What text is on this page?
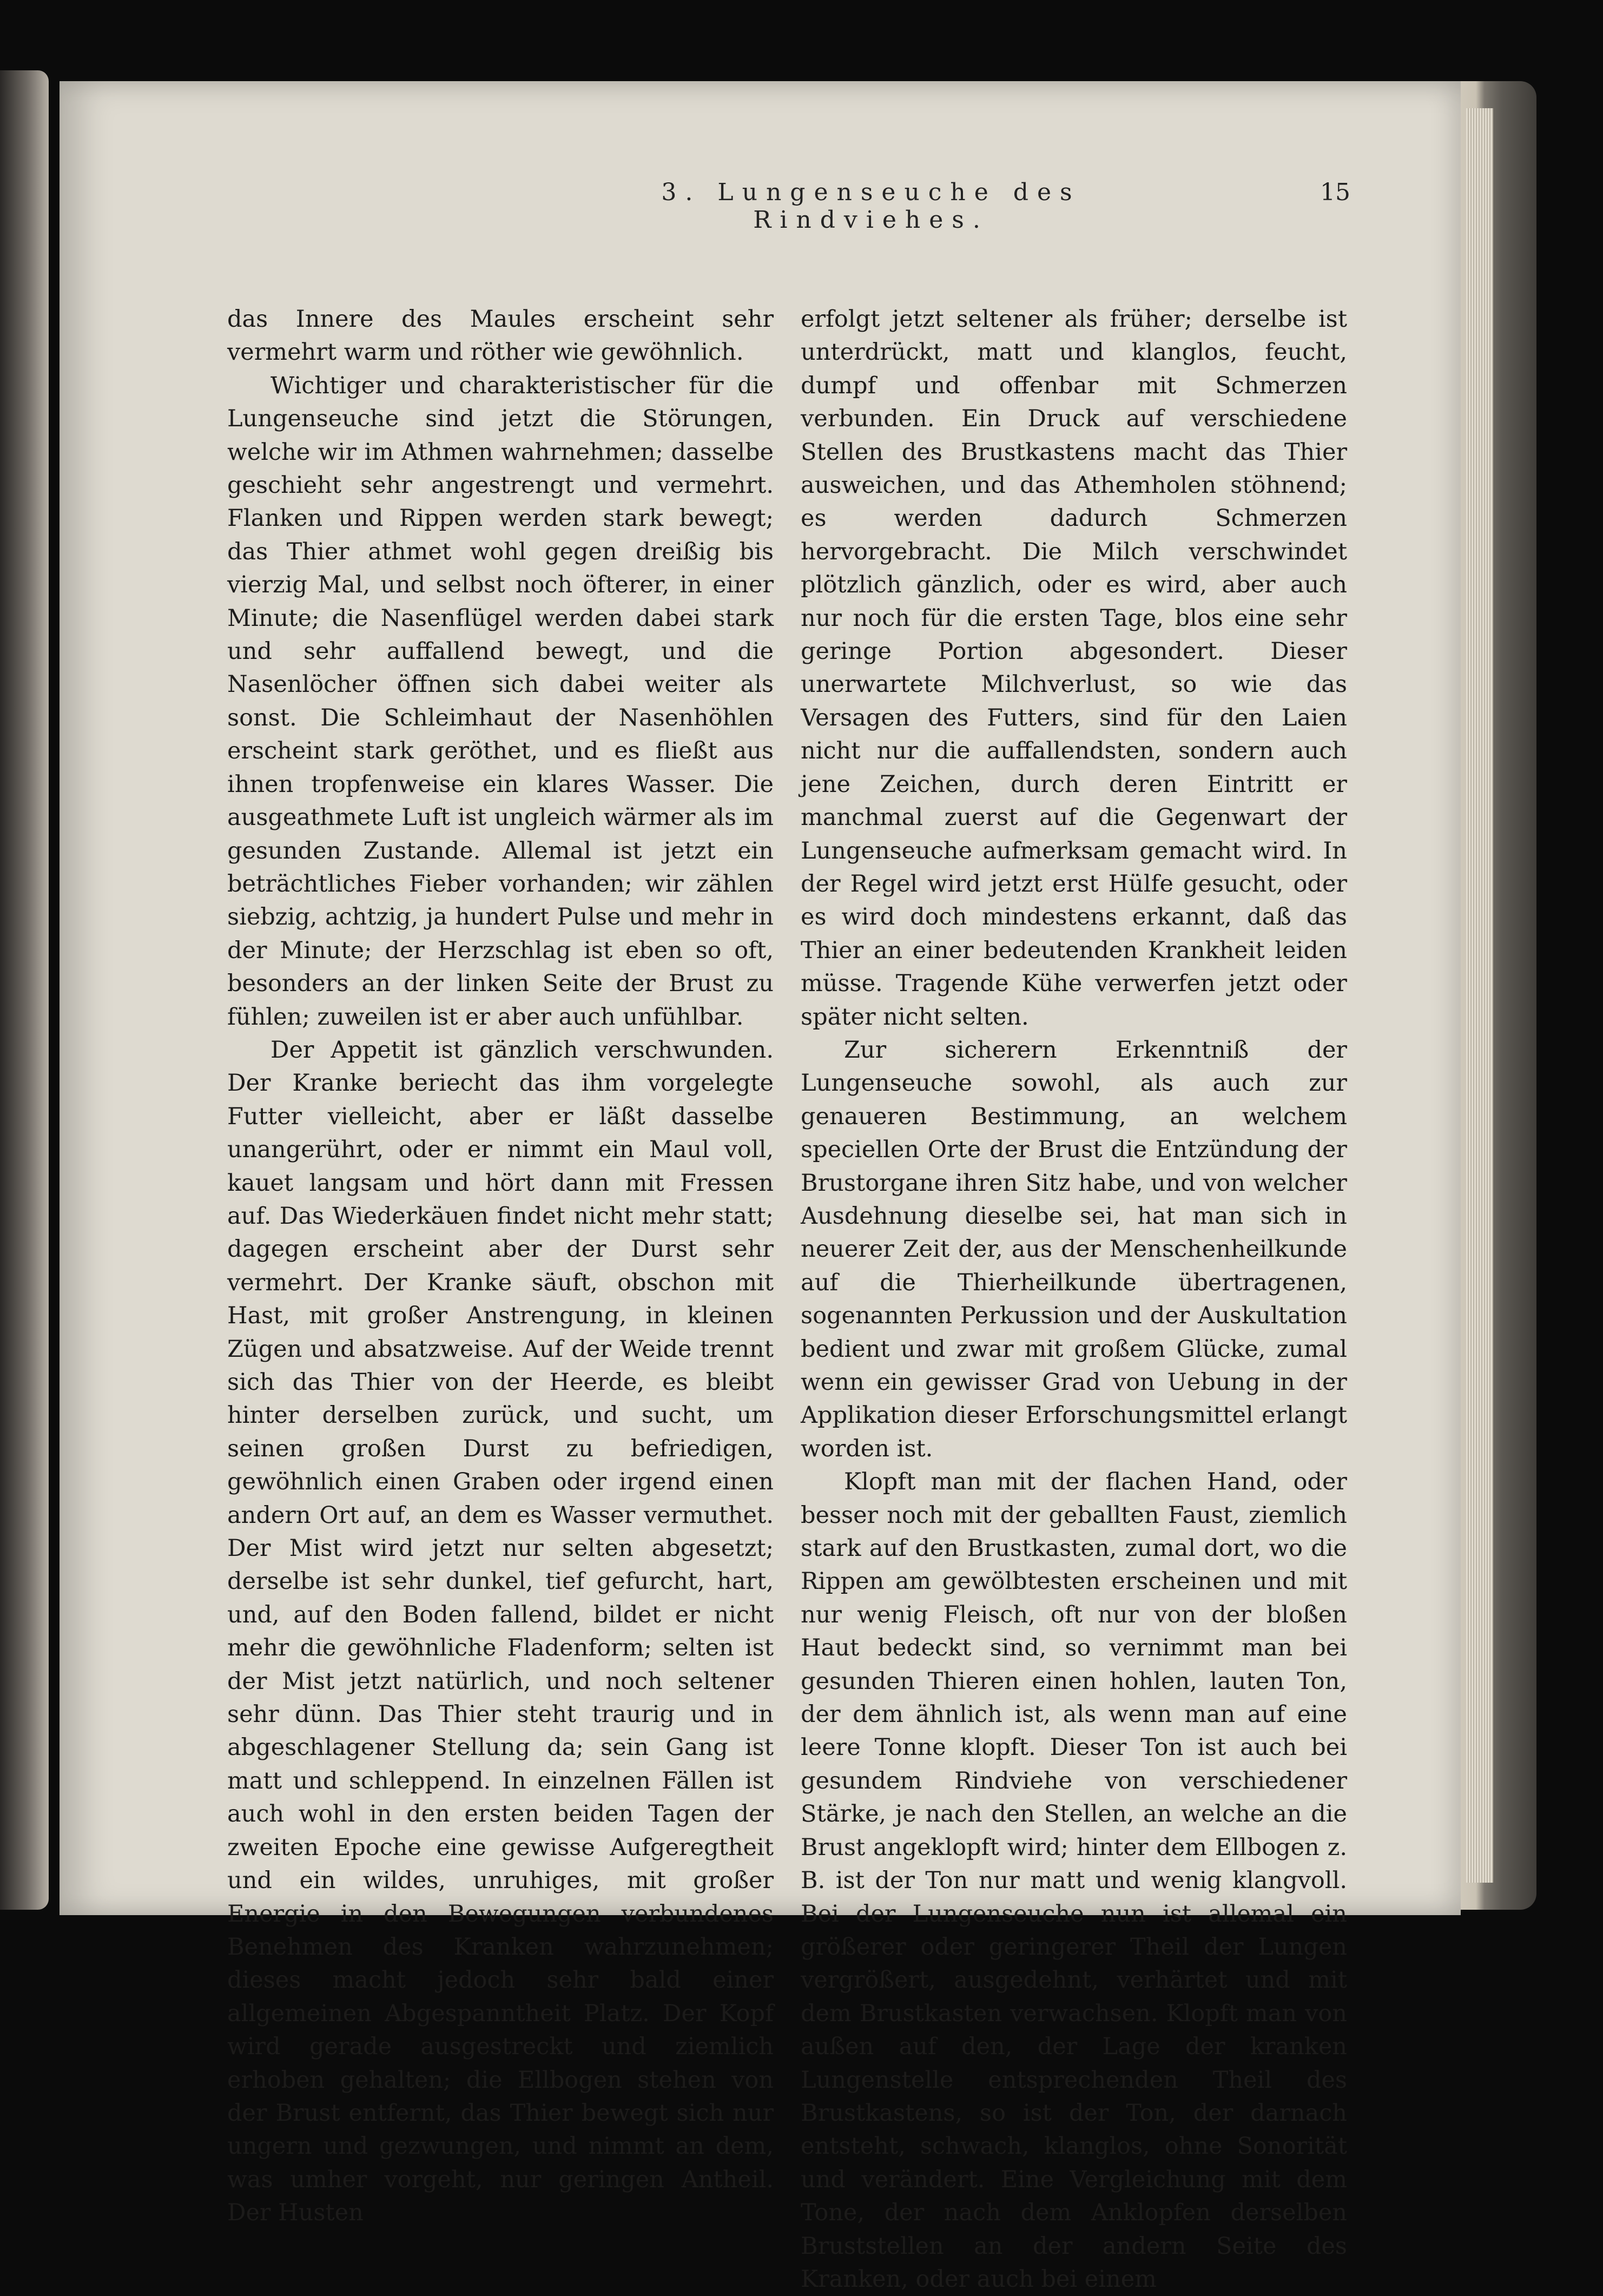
3. Lungenseuche des Rindviehes.
15

das Innere des Maules erscheint sehr vermehrt warm und röther wie gewöhnlich.

Wichtiger und charakteristischer für die Lungenseuche sind jetzt die Störungen, welche wir im Athmen wahrnehmen; dasselbe geschieht sehr angestrengt und vermehrt. Flanken und Rippen werden stark bewegt; das Thier athmet wohl gegen dreißig bis vierzig Mal, und selbst noch öfterer, in einer Minute; die Nasenflügel werden dabei stark und sehr auffallend bewegt, und die Nasenlöcher öffnen sich dabei weiter als sonst. Die Schleimhaut der Nasenhöhlen erscheint stark geröthet, und es fließt aus ihnen tropfenweise ein klares Wasser. Die ausgeathmete Luft ist ungleich wärmer als im gesunden Zustande. Allemal ist jetzt ein beträchtliches Fieber vorhanden; wir zählen siebzig, achtzig, ja hundert Pulse und mehr in der Minute; der Herzschlag ist eben so oft, besonders an der linken Seite der Brust zu fühlen; zuweilen ist er aber auch unfühlbar.

Der Appetit ist gänzlich verschwunden. Der Kranke beriecht das ihm vorgelegte Futter vielleicht, aber er läßt dasselbe unangerührt, oder er nimmt ein Maul voll, kauet langsam und hört dann mit Fressen auf. Das Wiederkäuen findet nicht mehr statt; dagegen erscheint aber der Durst sehr vermehrt. Der Kranke säuft, obschon mit Hast, mit großer Anstrengung, in kleinen Zügen und absatzweise. Auf der Weide trennt sich das Thier von der Heerde, es bleibt hinter derselben zurück, und sucht, um seinen großen Durst zu befriedigen, gewöhnlich einen Graben oder irgend einen andern Ort auf, an dem es Wasser vermuthet. Der Mist wird jetzt nur selten abgesetzt; derselbe ist sehr dunkel, tief gefurcht, hart, und, auf den Boden fallend, bildet er nicht mehr die gewöhnliche Fladenform; selten ist der Mist jetzt natürlich, und noch seltener sehr dünn. Das Thier steht traurig und in abgeschlagener Stellung da; sein Gang ist matt und schleppend. In einzelnen Fällen ist auch wohl in den ersten beiden Tagen der zweiten Epoche eine gewisse Aufgeregtheit und ein wildes, unruhiges, mit großer Energie in den Bewegungen verbundenes Benehmen des Kranken wahrzunehmen; dieses macht jedoch sehr bald einer allgemeinen Abgespanntheit Platz. Der Kopf wird gerade ausgestreckt und ziemlich erhoben gehalten; die Ellbogen stehen von der Brust entfernt, das Thier bewegt sich nur ungern und gezwungen, und nimmt an dem, was umher vorgeht, nur geringen Antheil. Der Husten

erfolgt jetzt seltener als früher; derselbe ist unterdrückt, matt und klanglos, feucht, dumpf und offenbar mit Schmerzen verbunden. Ein Druck auf verschiedene Stellen des Brustkastens macht das Thier ausweichen, und das Athemholen stöhnend; es werden dadurch Schmerzen hervorgebracht. Die Milch verschwindet plötzlich gänzlich, oder es wird, aber auch nur noch für die ersten Tage, blos eine sehr geringe Portion abgesondert. Dieser unerwartete Milchverlust, so wie das Versagen des Futters, sind für den Laien nicht nur die auffallendsten, sondern auch jene Zeichen, durch deren Eintritt er manchmal zuerst auf die Gegenwart der Lungenseuche aufmerksam gemacht wird. In der Regel wird jetzt erst Hülfe gesucht, oder es wird doch mindestens erkannt, daß das Thier an einer bedeutenden Krankheit leiden müsse. Tragende Kühe verwerfen jetzt oder später nicht selten.

Zur sicherern Erkenntniß der Lungenseuche sowohl, als auch zur genaueren Bestimmung, an welchem speciellen Orte der Brust die Entzündung der Brustorgane ihren Sitz habe, und von welcher Ausdehnung dieselbe sei, hat man sich in neuerer Zeit der, aus der Menschenheilkunde auf die Thierheilkunde übertragenen, sogenannten Perkussion und der Auskultation bedient und zwar mit großem Glücke, zumal wenn ein gewisser Grad von Uebung in der Applikation dieser Erforschungsmittel erlangt worden ist.

Klopft man mit der flachen Hand, oder besser noch mit der geballten Faust, ziemlich stark auf den Brustkasten, zumal dort, wo die Rippen am gewölbtesten erscheinen und mit nur wenig Fleisch, oft nur von der bloßen Haut bedeckt sind, so vernimmt man bei gesunden Thieren einen hohlen, lauten Ton, der dem ähnlich ist, als wenn man auf eine leere Tonne klopft. Dieser Ton ist auch bei gesundem Rindviehe von verschiedener Stärke, je nach den Stellen, an welche an die Brust angeklopft wird; hinter dem Ellbogen z. B. ist der Ton nur matt und wenig klangvoll. Bei der Lungenseuche nun ist allemal ein größerer oder geringerer Theil der Lungen vergrößert, ausgedehnt, verhärtet und mit dem Brustkasten verwachsen. Klopft man von außen auf den, der Lage der kranken Lungenstelle entsprechenden Theil des Brustkastens, so ist der Ton, der darnach entsteht, schwach, klanglos, ohne Sonorität und verändert. Eine Vergleichung mit dem Tone, der nach dem Anklopfen derselben Bruststellen an der andern Seite des Kranken, oder auch bei einem
